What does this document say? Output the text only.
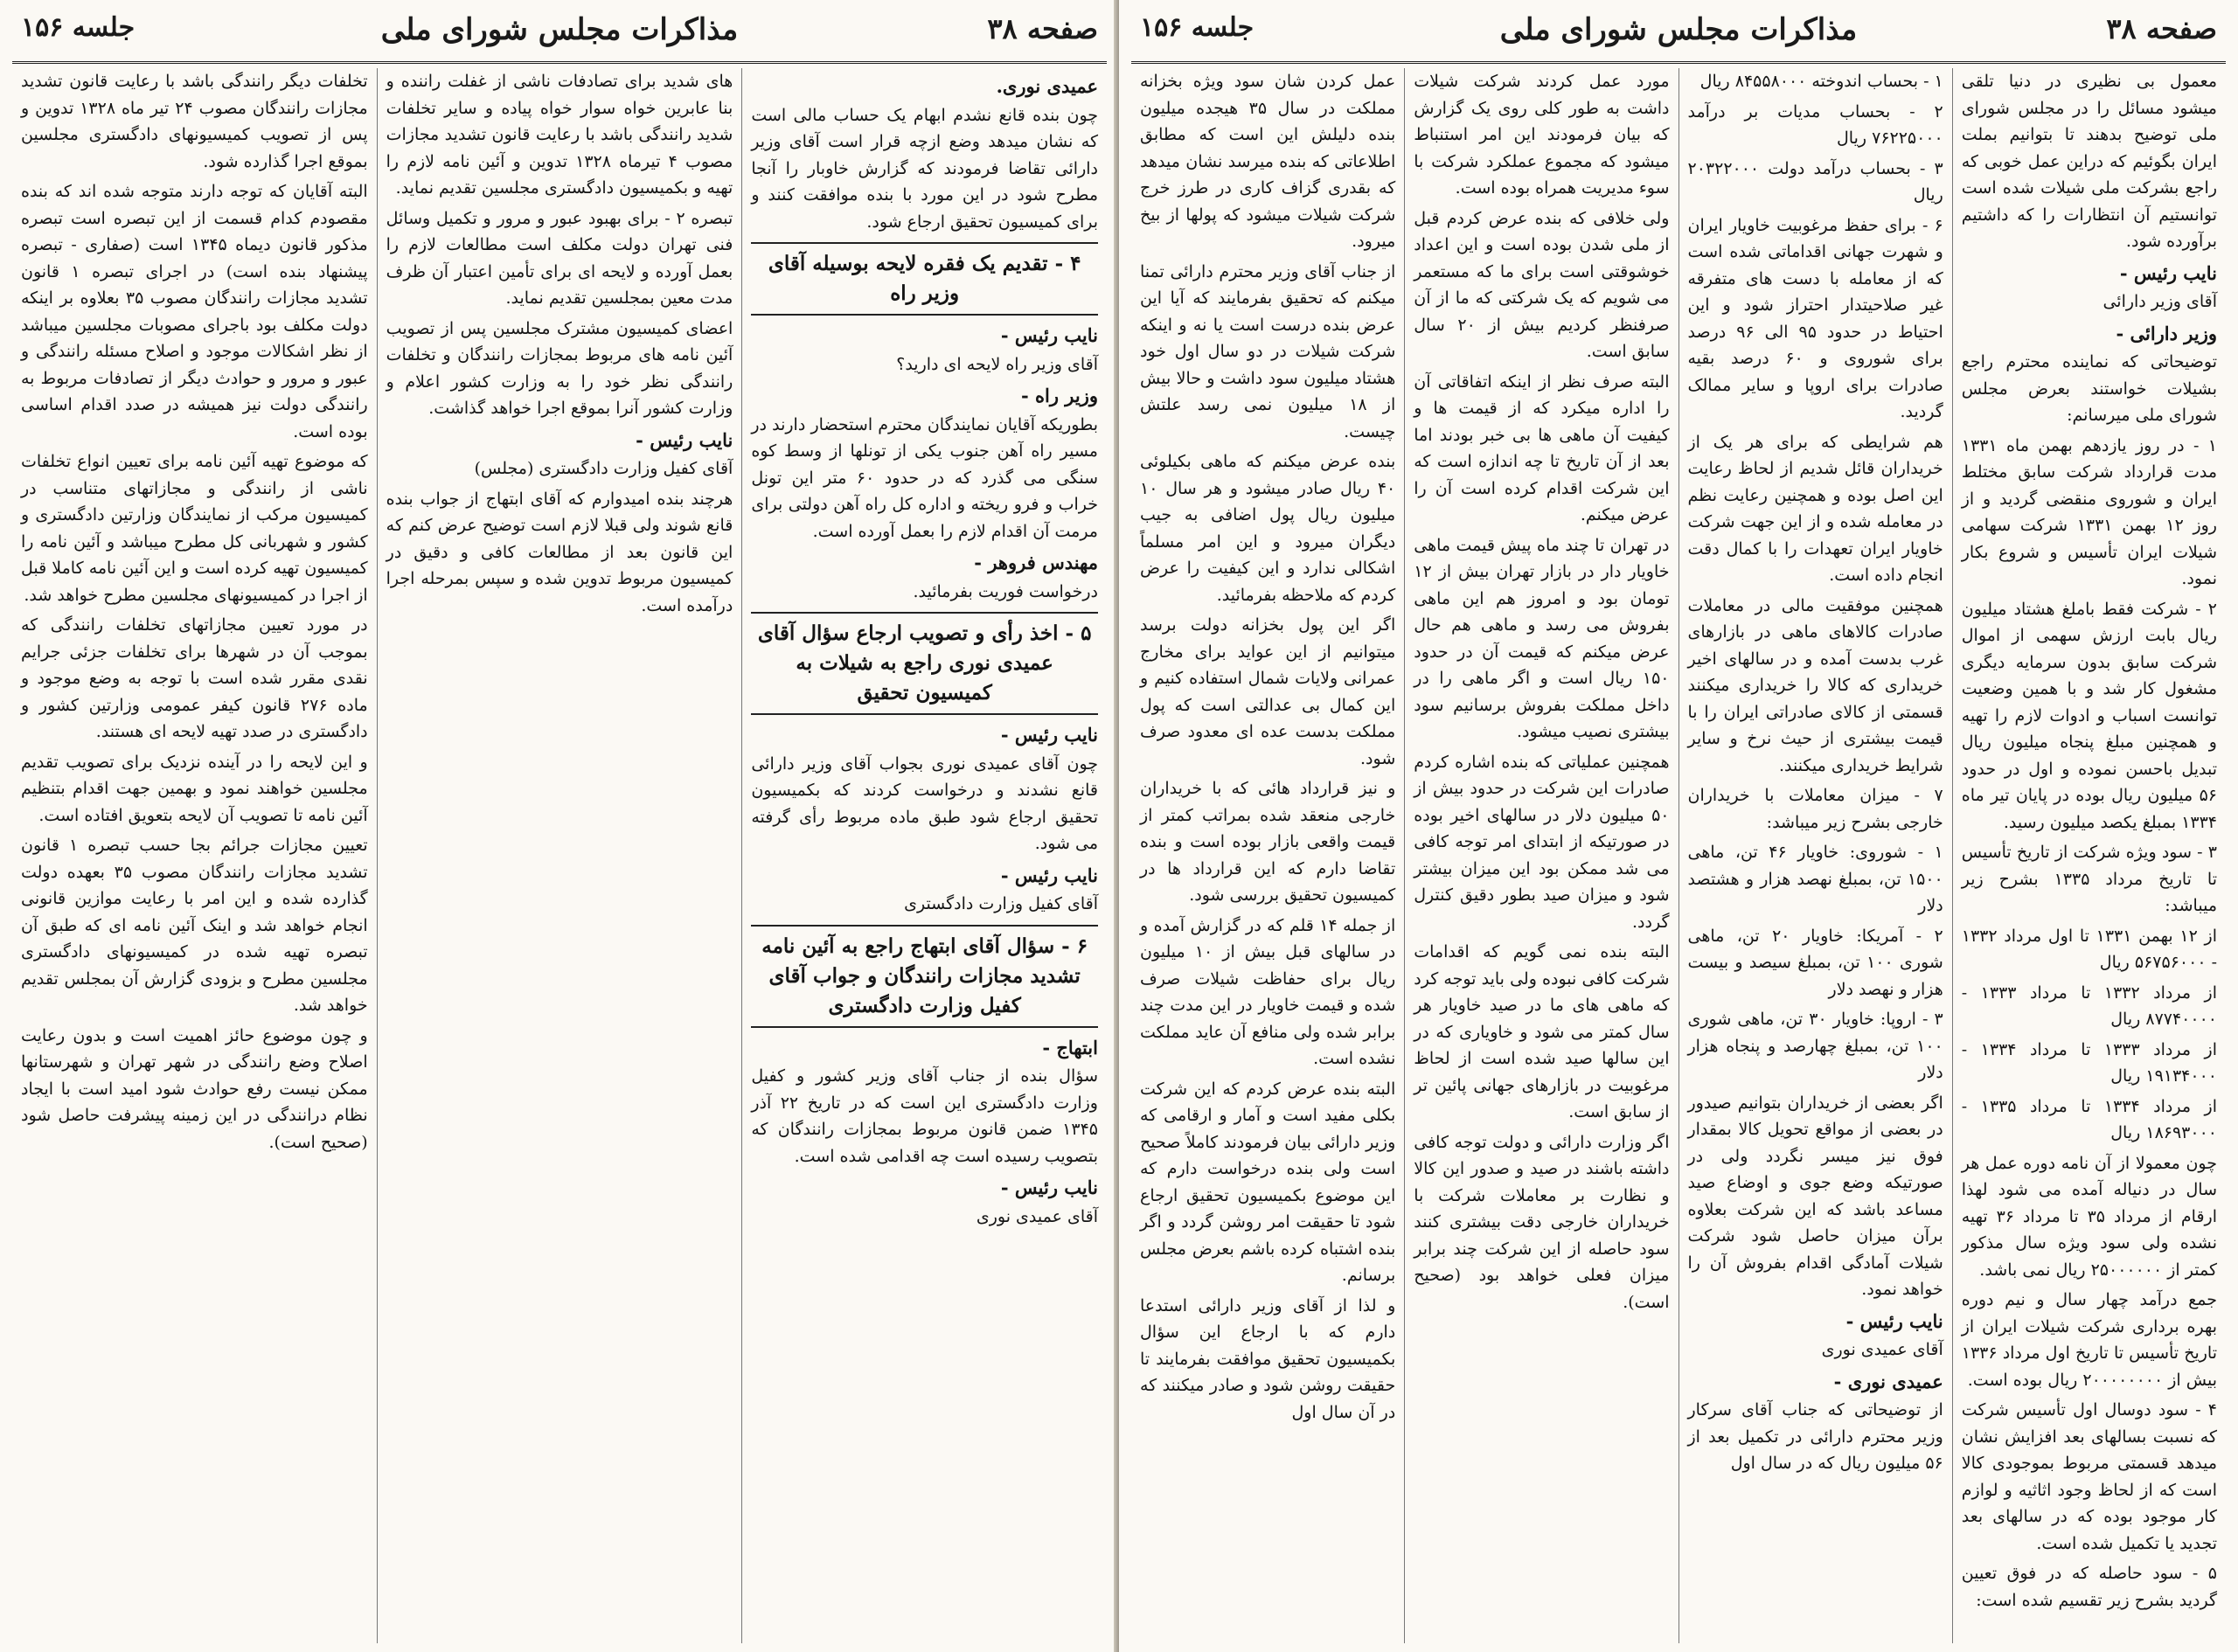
صفحه ۳۸
مذاکرات مجلس شورای ملی
جلسه ۱۵۶
عمیدی نوری.

چون بنده قانع نشدم ابهام یک حساب مالی است که نشان میدهد وضع ازچه قرار است آقای وزیر دارائی تقاضا فرمودند که گزارش خاوبار را آنجا مطرح شود در این مورد با بنده موافقت کنند و برای کمیسیون تحقیق ارجاع شود.

۴ - تقدیم یک فقره لایحه بوسیله آقای وزیر راه
نایب رئیس -

آقای وزیر راه لایحه ای دارید؟

وزیر راه -

بطوریکه آقایان نمایندگان محترم استحضار دارند در مسیر راه آهن جنوب یکی از تونلها از وسط کوه سنگی می گذرد که در حدود ۶۰ متر این تونل خراب و فرو ریخته و اداره کل راه آهن دولتی برای مرمت آن اقدام لازم را بعمل آورده است.

مهندس فروهر -

درخواست فوریت بفرمائید.

۵ - اخذ رأی و تصویب ارجاع سؤال آقای عمیدی نوری راجع به شیلات به کمیسیون تحقیق
نایب رئیس -

چون آقای عمیدی نوری بجواب آقای وزیر دارائی قانع نشدند و درخواست کردند که بکمیسیون تحقیق ارجاع شود طبق ماده مربوط رأی گرفته می شود.

نایب رئیس -

آقای کفیل وزارت دادگستری

۶ - سؤال آقای ابتهاج راجع به آئین نامه تشدید مجازات رانندگان و جواب آقای کفیل وزارت دادگستری
ابتهاج -

سؤال بنده از جناب آقای وزیر کشور و کفیل وزارت دادگستری این است که در تاریخ ۲۲ آذر ۱۳۴۵ ضمن قانون مربوط بمجازات رانندگان که بتصویب رسیده است چه اقدامی شده است.

نایب رئیس -

آقای عمیدی نوری

های شدید برای تصادفات ناشی از غفلت راننده و بنا عابرین خواه سوار خواه پیاده و سایر تخلفات شدید رانندگی باشد با رعایت قانون تشدید مجازات مصوب ۴ تیرماه ۱۳۲۸ تدوین و آئین نامه لازم را تهیه و بکمیسیون دادگستری مجلسین تقدیم نماید.

تبصره ۲ - برای بهبود عبور و مرور و تکمیل وسائل فنی تهران دولت مکلف است مطالعات لازم را بعمل آورده و لایحه ای برای تأمین اعتبار آن ظرف مدت معین بمجلسین تقدیم نماید.

اعضای کمیسیون مشترک مجلسین پس از تصویب آئین نامه های مربوط بمجازات رانندگان و تخلفات رانندگی نظر خود را به وزارت کشور اعلام و وزارت کشور آنرا بموقع اجرا خواهد گذاشت.

نایب رئیس -

آقای کفیل وزارت دادگستری (مجلس)

هرچند بنده امیدوارم که آقای ابتهاج از جواب بنده قانع شوند ولی قبلا لازم است توضیح عرض کنم که این قانون بعد از مطالعات کافی و دقیق در کمیسیون مربوط تدوین شده و سپس بمرحله اجرا درآمده است.

تخلفات دیگر رانندگی باشد با رعایت قانون تشدید مجازات رانندگان مصوب ۲۴ تیر ماه ۱۳۲۸ تدوین و پس از تصویب کمیسیونهای دادگستری مجلسین بموقع اجرا گذارده شود.

البته آقایان که توجه دارند متوجه شده اند که بنده مقصودم کدام قسمت از این تبصره است تبصره مذکور قانون دیماه ۱۳۴۵ است (صفاری - تبصره پیشنهاد بنده است) در اجرای تبصره ۱ قانون تشدید مجازات رانندگان مصوب ۳۵ بعلاوه بر اینکه دولت مکلف بود باجرای مصوبات مجلسین میباشد از نظر اشکالات موجود و اصلاح مسئله رانندگی و عبور و مرور و حوادث دیگر از تصادفات مربوط به رانندگی دولت نیز همیشه در صدد اقدام اساسی بوده است.

که موضوع تهیه آئین نامه برای تعیین انواع تخلفات ناشی از رانندگی و مجازاتهای متناسب در کمیسیون مرکب از نمایندگان وزارتین دادگستری و کشور و شهربانی کل مطرح میباشد و آئین نامه را کمیسیون تهیه کرده است و این آئین نامه کاملا قبل از اجرا در کمیسیونهای مجلسین مطرح خواهد شد.

در مورد تعیین مجازاتهای تخلفات رانندگی که بموجب آن در شهرها برای تخلفات جزئی جرایم نقدی مقرر شده است با توجه به وضع موجود و ماده ۲۷۶ قانون کیفر عمومی وزارتین کشور و دادگستری در صدد تهیه لایحه ای هستند.

و این لایحه را در آینده نزدیک برای تصویب تقدیم مجلسین خواهند نمود و بهمین جهت اقدام بتنظیم آئین نامه تا تصویب آن لایحه بتعویق افتاده است.

تعیین مجازات جرائم بجا حسب تبصره ۱ قانون تشدید مجازات رانندگان مصوب ۳۵ بعهده دولت گذارده شده و این امر با رعایت موازین قانونی انجام خواهد شد و اینک آئین نامه ای که طبق آن تبصره تهیه شده در کمیسیونهای دادگستری مجلسین مطرح و بزودی گزارش آن بمجلس تقدیم خواهد شد.

و چون موضوع حائز اهمیت است و بدون رعایت اصلاح وضع رانندگی در شهر تهران و شهرستانها ممکن نیست رفع حوادث شود امید است با ایجاد نظام درانندگی در این زمینه پیشرفت حاصل شود (صحیح است).

صفحه ۳۸
مذاکرات مجلس شورای ملی
جلسه ۱۵۶

معمول بی نظیری در دنیا تلقی میشود مسائل را در مجلس شورای ملی توضیح بدهند تا بتوانیم بملت ایران بگوئیم که دراین عمل خوبی که راجع بشرکت ملی شیلات شده است توانستیم آن انتظارات را که داشتیم برآورده شود.

نایب رئیس -

آقای وزیر دارائی

وزیر دارائی -

توضیحاتی که نماینده محترم راجع بشیلات خواستند بعرض مجلس شورای ملی میرسانم:

۱ - در روز یازدهم بهمن ماه ۱۳۳۱ مدت قرارداد شرکت سابق مختلط ایران و شوروی منقضی گردید و از روز ۱۲ بهمن ۱۳۳۱ شرکت سهامی شیلات ایران تأسیس و شروع بکار نمود.

۲ - شرکت فقط باملغ هشتاد میلیون ریال بابت ارزش سهمی از اموال شرکت سابق بدون سرمایه دیگری مشغول کار شد و با همین وضعیت توانست اسباب و ادوات لازم را تهیه و همچنین مبلغ پنجاه میلیون ریال تبدیل باحسن نموده و اول در حدود ۵۶ میلیون ریال بوده در پایان تیر ماه ۱۳۳۴ بمبلغ یکصد میلیون رسید.

۳ - سود ویژه شرکت از تاریخ تأسیس تا تاریخ مرداد ۱۳۳۵ بشرح زیر میباشد:

از ۱۲ بهمن ۱۳۳۱ تا اول مرداد ۱۳۳۲ - ۵۶۷۵۶۰۰۰ ریال

از مرداد ۱۳۳۲ تا مرداد ۱۳۳۳ - ۸۷۷۴۰۰۰۰ ریال

از مرداد ۱۳۳۳ تا مرداد ۱۳۳۴ - ۱۹۱۳۴۰۰۰ ریال

از مرداد ۱۳۳۴ تا مرداد ۱۳۳۵ - ۱۸۶۹۳۰۰۰ ریال

چون معمولا از آن نامه دوره عمل هر سال در دنیاله آمده می شود لهذا ارقام از مرداد ۳۵ تا مرداد ۳۶ تهیه نشده ولی سود ویژه سال مذکور کمتر از ۲۵۰۰۰۰۰۰ ریال نمی باشد.

جمع درآمد چهار سال و نیم دوره بهره برداری شرکت شیلات ایران از تاریخ تأسیس تا تاریخ اول مرداد ۱۳۳۶ بیش از ۲۰۰۰۰۰۰۰۰ ریال بوده است.

۴ - سود دوسال اول تأسیس شرکت که نسبت بسالهای بعد افزایش نشان میدهد قسمتی مربوط بموجودی کالا است که از لحاظ وجود اثاثیه و لوازم کار موجود بوده که در سالهای بعد تجدید یا تکمیل شده است.

۵ - سود حاصله که در فوق تعیین گردید بشرح زیر تقسیم شده است:

۱ - بحساب اندوخته ۸۴۵۵۸۰۰۰ ریال

۲ - بحساب مدیات بر درآمد ۷۶۲۲۵۰۰۰ ریال

۳ - بحساب درآمد دولت ۲۰۳۲۲۰۰۰ ریال

۶ - برای حفظ مرغوبیت خاویار ایران و شهرت جهانی اقداماتی شده است که از معامله با دست های متفرقه غیر صلاحیتدار احتراز شود و این احتیاط در حدود ۹۵ الی ۹۶ درصد برای شوروی و ۶۰ درصد بقیه صادرات برای اروپا و سایر ممالک گردید.

هم شرایطی که برای هر یک از خریداران قائل شدیم از لحاظ رعایت این اصل بوده و همچنین رعایت نظم در معامله شده و از این جهت شرکت خاویار ایران تعهدات را با کمال دقت انجام داده است.

همچنین موفقیت مالی در معاملات صادرات کالاهای ماهی در بازارهای غرب بدست آمده و در سالهای اخیر خریداری که کالا را خریداری میکنند قسمتی از کالای صادراتی ایران را با قیمت بیشتری از حیث نرخ و سایر شرایط خریداری میکنند.

۷ - میزان معاملات با خریداران خارجی بشرح زیر میباشد:

۱ - شوروی: خاویار ۴۶ تن، ماهی ۱۵۰۰ تن، بمبلغ نهصد هزار و هشتصد دلار

۲ - آمریکا: خاویار ۲۰ تن، ماهی شوری ۱۰۰ تن، بمبلغ سیصد و بیست هزار و نهصد دلار

۳ - اروپا: خاویار ۳۰ تن، ماهی شوری ۱۰۰ تن، بمبلغ چهارصد و پنجاه هزار دلار

اگر بعضی از خریداران بتوانیم صیدور در بعضی از مواقع تحویل کالا بمقدار فوق نیز میسر نگردد ولی در صورتیکه وضع جوی و اوضاع صید مساعد باشد که این شرکت بعلاوه برآن میزان حاصل شود شرکت شیلات آمادگی اقدام بفروش آن را خواهد نمود.

نایب رئیس -

آقای عمیدی نوری

عمیدی نوری -

از توضیحاتی که جناب آقای سرکار وزیر محترم دارائی در تکمیل بعد از ۵۶ میلیون ریال که در سال اول

مورد عمل کردند شرکت شیلات داشت به طور کلی روی یک گزارش که بیان فرمودند این امر استنباط میشود که مجموع عملکرد شرکت با سوء مدیریت همراه بوده است.

ولی خلافی که بنده عرض کردم قبل از ملی شدن بوده است و این اعداد خوشوقتی است برای ما که مستعمر می شویم که یک شرکتی که ما از آن صرفنظر کردیم بیش از ۲۰ سال سابق است.

البته صرف نظر از اینکه اتفاقاتی آن را اداره میکرد که از قیمت ها و کیفیت آن ماهی ها بی خبر بودند اما بعد از آن تاریخ تا چه اندازه است که این شرکت اقدام کرده است آن را عرض میکنم.

در تهران تا چند ماه پیش قیمت ماهی خاویار دار در بازار تهران بیش از ۱۲ تومان بود و امروز هم این ماهی بفروش می رسد و ماهی هم حال عرض میکنم که قیمت آن در حدود ۱۵۰ ریال است و اگر ماهی را در داخل مملکت بفروش برسانیم سود بیشتری نصیب میشود.

همچنین عملیاتی که بنده اشاره کردم صادرات این شرکت در حدود بیش از ۵۰ میلیون دلار در سالهای اخیر بوده در صورتیکه از ابتدای امر توجه کافی می شد ممکن بود این میزان بیشتر شود و میزان صید بطور دقیق کنترل گردد.

البته بنده نمی گویم که اقدامات شرکت کافی نبوده ولی باید توجه کرد که ماهی های ما در صید خاویار هر سال کمتر می شود و خاویاری که در این سالها صید شده است از لحاظ مرغوبیت در بازارهای جهانی پائین تر از سابق است.

اگر وزارت دارائی و دولت توجه کافی داشته باشند در صید و صدور این کالا و نظارت بر معاملات شرکت با خریداران خارجی دقت بیشتری کنند سود حاصله از این شرکت چند برابر میزان فعلی خواهد بود (صحیح است).

عمل کردن شان سود ویژه بخزانه مملکت در سال ۳۵ هیجده میلیون بنده دلیلش این است که مطابق اطلاعاتی که بنده میرسد نشان میدهد که بقدری گزاف کاری در طرز خرج شرکت شیلات میشود که پولها از بیخ میرود.

از جناب آقای وزیر محترم دارائی تمنا میکنم که تحقیق بفرمایند که آیا این عرض بنده درست است یا نه و اینکه شرکت شیلات در دو سال اول خود هشتاد میلیون سود داشت و حالا بیش از ۱۸ میلیون نمی رسد علتش چیست.

بنده عرض میکنم که ماهی بکیلوئی ۴۰ ریال صادر میشود و هر سال ۱۰ میلیون ریال پول اضافی به جیب دیگران میرود و این امر مسلماً اشکالی ندارد و این کیفیت را عرض کردم که ملاحظه بفرمائید.

اگر این پول بخزانه دولت برسد میتوانیم از این عواید برای مخارج عمرانی ولایات شمال استفاده کنیم و این کمال بی عدالتی است که پول مملکت بدست عده ای معدود صرف شود.

و نیز قرارداد هائی که با خریداران خارجی منعقد شده بمراتب کمتر از قیمت واقعی بازار بوده است و بنده تقاضا دارم که این قرارداد ها در کمیسیون تحقیق بررسی شود.

از جمله ۱۴ قلم که در گزارش آمده و در سالهای قبل بیش از ۱۰ میلیون ریال برای حفاظت شیلات صرف شده و قیمت خاویار در این مدت چند برابر شده ولی منافع آن عاید مملکت نشده است.

البته بنده عرض کردم که این شرکت بکلی مفید است و آمار و ارقامی که وزیر دارائی بیان فرمودند کاملاً صحیح است ولی بنده درخواست دارم که این موضوع بکمیسیون تحقیق ارجاع شود تا حقیقت امر روشن گردد و اگر بنده اشتباه کرده باشم بعرض مجلس برسانم.

و لذا از آقای وزیر دارائی استدعا دارم که با ارجاع این سؤال بکمیسیون تحقیق موافقت بفرمایند تا حقیقت روشن شود و صادر میکنند که در آن سال اول
